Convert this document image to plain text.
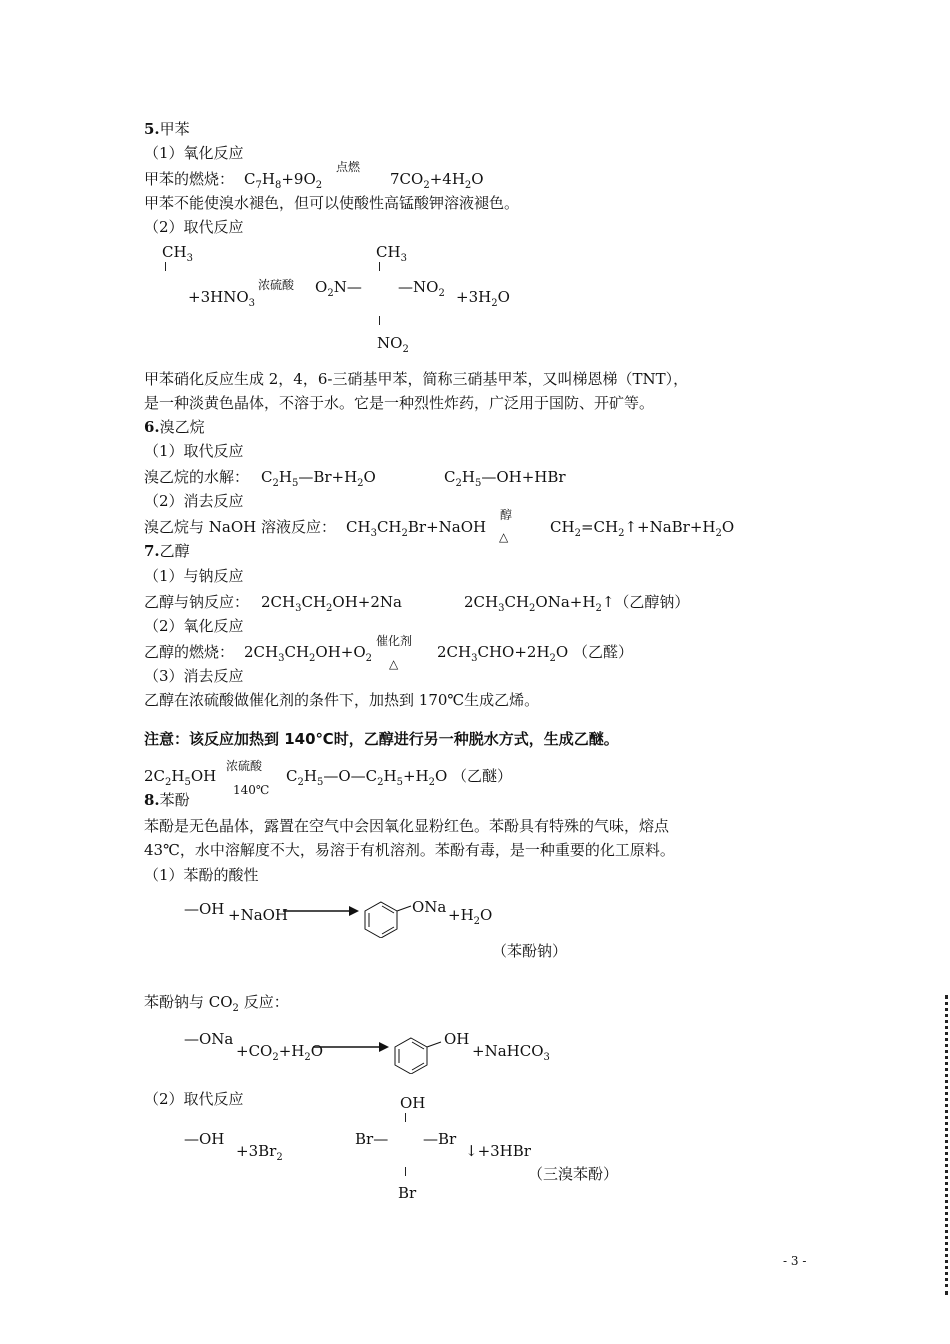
5.甲苯
（1）氧化反应
甲苯的燃烧： $C_7H_8+9O_2$
点燃
$7CO_2+4H_2O$
甲苯不能使溴水褪色，但可以使酸性高锰酸钾溶液褪色。
（2）取代反应
$CH_3$
$+3HNO_3$
浓硫酸
$CH_3$
$O_2N—$ $—NO_2 +3H_2O$
$NO_2$
甲苯硝化反应生成 2，4，6-三硝基甲苯，简称三硝基甲苯，又叫梯恩梯（TNT），
是一种淡黄色晶体，不溶于水。它是一种烈性炸药，广泛用于国防、开矿等。
6.溴乙烷
（1）取代反应
溴乙烷的水解： $C_2H_5—Br+H_2O$	$C_2H_5—OH+HBr$
（2）消去反应
溴乙烷与 NaOH 溶液反应： $CH_3CH_2Br+NaOH$
醇
△
$CH_2=CH_2↑+NaBr+H_2O$
7.乙醇
（1）与钠反应
乙醇与钠反应： $2CH_3CH_2OH+2Na$	$2CH_3CH_2ONa+H_2↑$（乙醇钠）
（2）氧化反应
乙醇的燃烧： $2CH_3CH_2OH+O_2$
催化剂
△
$2CH_3CHO+2H_2O$ （乙醛）
（3）消去反应
乙醇在浓硫酸做催化剂的条件下，加热到 170℃生成乙烯。
注意：该反应加热到 140℃时，乙醇进行另一种脱水方式，生成乙醚。
$2C_2H_5OH$
浓硫酸
140℃
$C_2H_5—O—C_2H_5+H_2O$ （乙醚）
8.苯酚
苯酚是无色晶体，露置在空气中会因氧化显粉红色。苯酚具有特殊的气味，熔点
43℃，水中溶解度不大，易溶于有机溶剂。苯酚有毒，是一种重要的化工原料。
（1）苯酚的酸性
—OH +NaOH	ONa $+H_2O$
（苯酚钠）
苯酚钠与 $CO_2$ 反应：
—ONa
$+CO_2+H_2O$
OH
+NaHCO$_3$
（2）取代反应	OH
—OH
$+3Br_2$
Br— —Br
↓+3HBr
（三溴苯酚）
Br
- 3 -
